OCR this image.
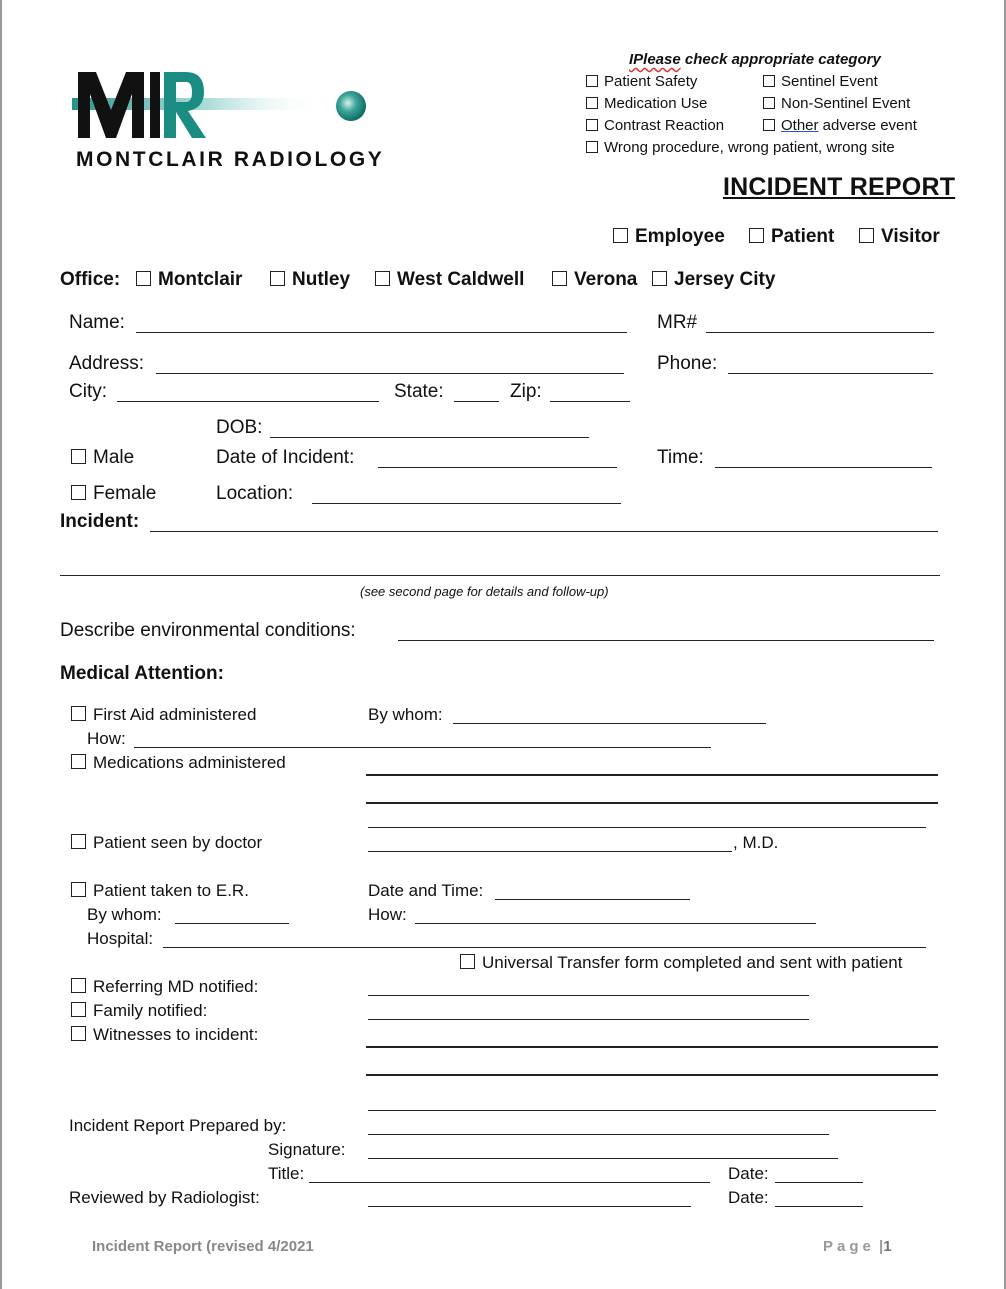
MONTCLAIR RADIOLOGY
IPlease check appropriate category
Patient Safety	Sentinel Event
Medication Use	Non-Sentinel Event
Contrast Reaction	Other adverse event
Wrong procedure, wrong patient, wrong site
INCIDENT REPORT
Employee	Patient	Visitor
Office:	Montclair	Nutley	West Caldwell	Verona	Jersey City
Name:	MR#
Address:	Phone:
City:	State:	Zip:
DOB:
Male	Date of Incident:	Time:
Female	Location:
Incident:
(see second page for details and follow-up)
Describe environmental conditions:
Medical Attention:
First Aid administered	By whom:
How:
Medications administered
Patient seen by doctor	, M.D.
Patient taken to E.R.	Date and Time:
By whom:	How:
Hospital:
Universal Transfer form completed and sent with patient
Referring MD notified:
Family notified:
Witnesses to incident:
Incident Report Prepared by:
Signature:
Title:	Date:
Reviewed by Radiologist:	Date:
Incident Report (revised 4/2021	Page |1
